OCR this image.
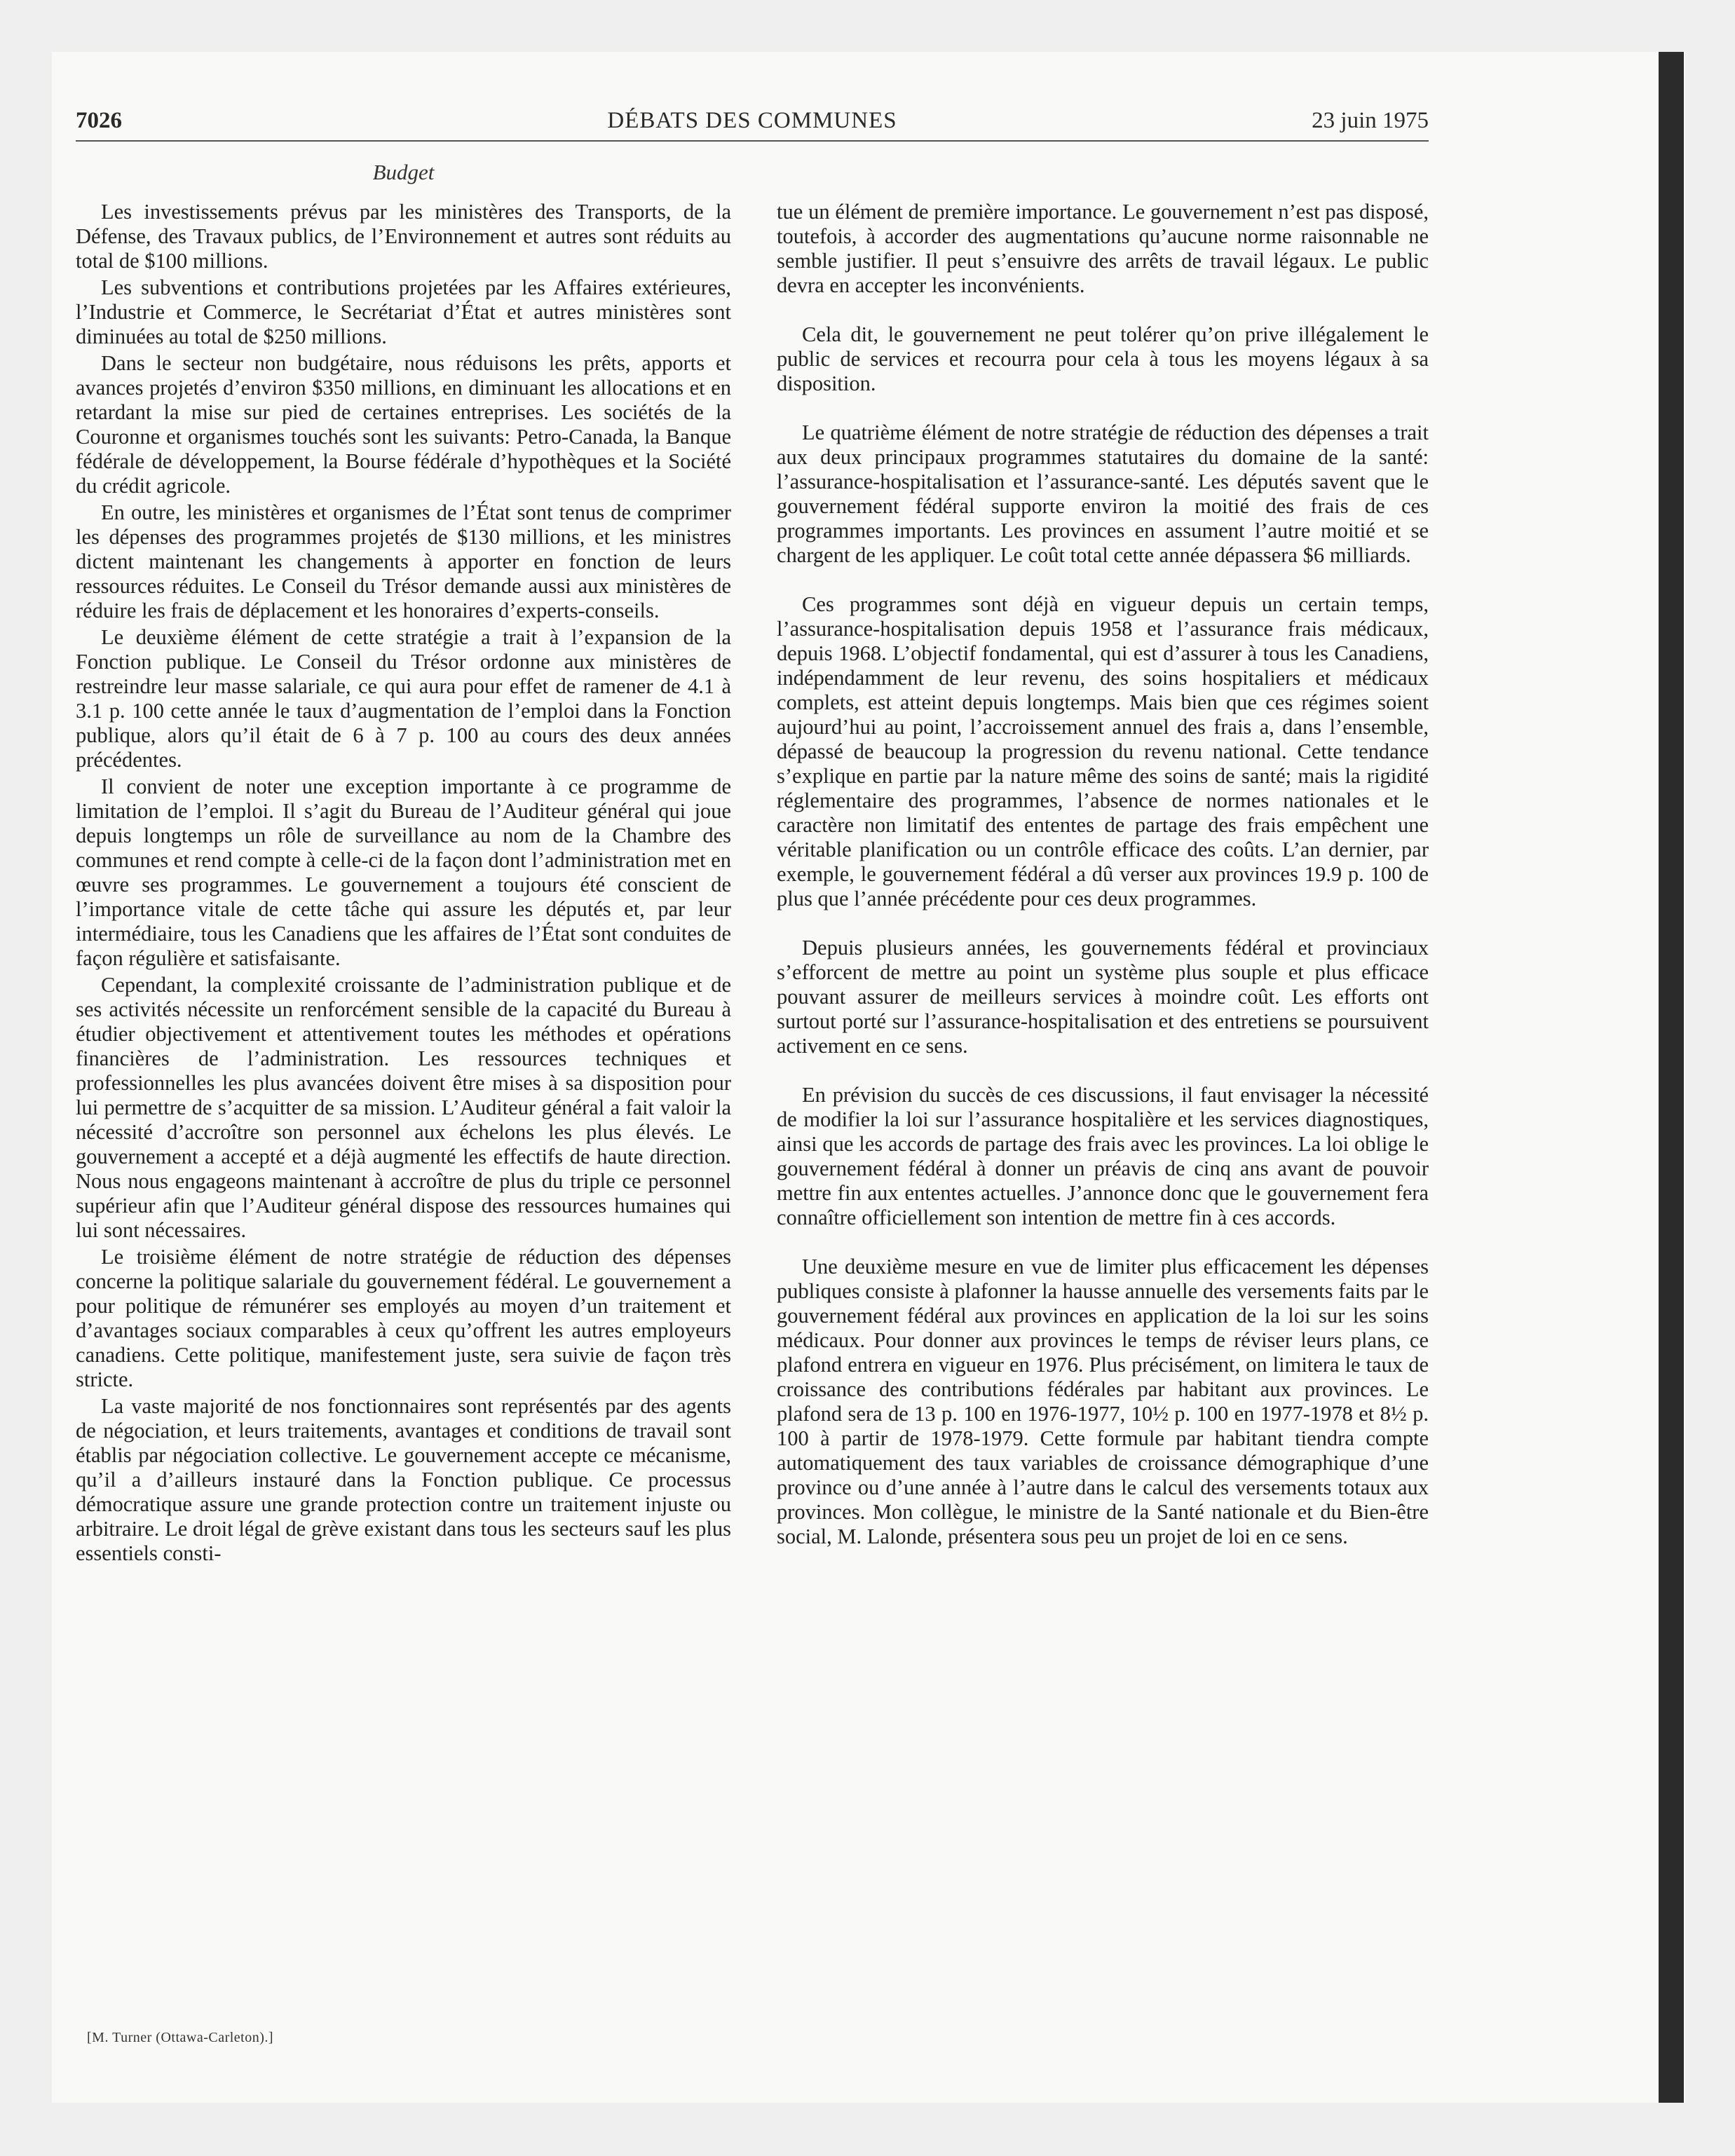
7026	DÉBATS DES COMMUNES	23 juin 1975
Budget

Les investissements prévus par les ministères des Transports, de la Défense, des Travaux publics, de l’Environnement et autres sont réduits au total de $100 millions.

Les subventions et contributions projetées par les Affaires extérieures, l’Industrie et Commerce, le Secrétariat d’État et autres ministères sont diminuées au total de $250 millions.

Dans le secteur non budgétaire, nous réduisons les prêts, apports et avances projetés d’environ $350 millions, en diminuant les allocations et en retardant la mise sur pied de certaines entreprises. Les sociétés de la Couronne et organismes touchés sont les suivants: Petro-Canada, la Banque fédérale de développement, la Bourse fédérale d’hypothèques et la Société du crédit agricole.

En outre, les ministères et organismes de l’État sont tenus de comprimer les dépenses des programmes projetés de $130 millions, et les ministres dictent maintenant les changements à apporter en fonction de leurs ressources réduites. Le Conseil du Trésor demande aussi aux ministères de réduire les frais de déplacement et les honoraires d’experts-conseils.

Le deuxième élément de cette stratégie a trait à l’expansion de la Fonction publique. Le Conseil du Trésor ordonne aux ministères de restreindre leur masse salariale, ce qui aura pour effet de ramener de 4.1 à 3.1 p. 100 cette année le taux d’augmentation de l’emploi dans la Fonction publique, alors qu’il était de 6 à 7 p. 100 au cours des deux années précédentes.

Il convient de noter une exception importante à ce programme de limitation de l’emploi. Il s’agit du Bureau de l’Auditeur général qui joue depuis longtemps un rôle de surveillance au nom de la Chambre des communes et rend compte à celle-ci de la façon dont l’administration met en œuvre ses programmes. Le gouvernement a toujours été conscient de l’importance vitale de cette tâche qui assure les députés et, par leur intermédiaire, tous les Canadiens que les affaires de l’État sont conduites de façon régulière et satisfaisante.

Cependant, la complexité croissante de l’administration publique et de ses activités nécessite un renforcément sensible de la capacité du Bureau à étudier objectivement et attentivement toutes les méthodes et opérations financières de l’administration. Les ressources techniques et professionnelles les plus avancées doivent être mises à sa disposition pour lui permettre de s’acquitter de sa mission. L’Auditeur général a fait valoir la nécessité d’accroître son personnel aux échelons les plus élevés. Le gouvernement a accepté et a déjà augmenté les effectifs de haute direction. Nous nous engageons maintenant à accroître de plus du triple ce personnel supérieur afin que l’Auditeur général dispose des ressources humaines qui lui sont nécessaires.

Le troisième élément de notre stratégie de réduction des dépenses concerne la politique salariale du gouvernement fédéral. Le gouvernement a pour politique de rémunérer ses employés au moyen d’un traitement et d’avantages sociaux comparables à ceux qu’offrent les autres employeurs canadiens. Cette politique, manifestement juste, sera suivie de façon très stricte.

La vaste majorité de nos fonctionnaires sont représentés par des agents de négociation, et leurs traitements, avantages et conditions de travail sont établis par négociation collective. Le gouvernement accepte ce mécanisme, qu’il a d’ailleurs instauré dans la Fonction publique. Ce processus démocratique assure une grande protection contre un traitement injuste ou arbitraire. Le droit légal de grève existant dans tous les secteurs sauf les plus essentiels consti-

tue un élément de première importance. Le gouvernement n’est pas disposé, toutefois, à accorder des augmentations qu’aucune norme raisonnable ne semble justifier. Il peut s’ensuivre des arrêts de travail légaux. Le public devra en accepter les inconvénients.

Cela dit, le gouvernement ne peut tolérer qu’on prive illégalement le public de services et recourra pour cela à tous les moyens légaux à sa disposition.

Le quatrième élément de notre stratégie de réduction des dépenses a trait aux deux principaux programmes statutaires du domaine de la santé: l’assurance-hospitalisation et l’assurance-santé. Les députés savent que le gouvernement fédéral supporte environ la moitié des frais de ces programmes importants. Les provinces en assument l’autre moitié et se chargent de les appliquer. Le coût total cette année dépassera $6 milliards.

Ces programmes sont déjà en vigueur depuis un certain temps, l’assurance-hospitalisation depuis 1958 et l’assurance frais médicaux, depuis 1968. L’objectif fondamental, qui est d’assurer à tous les Canadiens, indépendamment de leur revenu, des soins hospitaliers et médicaux complets, est atteint depuis longtemps. Mais bien que ces régimes soient aujourd’hui au point, l’accroissement annuel des frais a, dans l’ensemble, dépassé de beaucoup la progression du revenu national. Cette tendance s’explique en partie par la nature même des soins de santé; mais la rigidité réglementaire des programmes, l’absence de normes nationales et le caractère non limitatif des ententes de partage des frais empêchent une véritable planification ou un contrôle efficace des coûts. L’an dernier, par exemple, le gouvernement fédéral a dû verser aux provinces 19.9 p. 100 de plus que l’année précédente pour ces deux programmes.

Depuis plusieurs années, les gouvernements fédéral et provinciaux s’efforcent de mettre au point un système plus souple et plus efficace pouvant assurer de meilleurs services à moindre coût. Les efforts ont surtout porté sur l’assurance-hospitalisation et des entretiens se poursuivent activement en ce sens.

En prévision du succès de ces discussions, il faut envisager la nécessité de modifier la loi sur l’assurance hospitalière et les services diagnostiques, ainsi que les accords de partage des frais avec les provinces. La loi oblige le gouvernement fédéral à donner un préavis de cinq ans avant de pouvoir mettre fin aux ententes actuelles. J’annonce donc que le gouvernement fera connaître officiellement son intention de mettre fin à ces accords.

Une deuxième mesure en vue de limiter plus efficacement les dépenses publiques consiste à plafonner la hausse annuelle des versements faits par le gouvernement fédéral aux provinces en application de la loi sur les soins médicaux. Pour donner aux provinces le temps de réviser leurs plans, ce plafond entrera en vigueur en 1976. Plus précisément, on limitera le taux de croissance des contributions fédérales par habitant aux provinces. Le plafond sera de 13 p. 100 en 1976-1977, 10½ p. 100 en 1977-1978 et 8½ p. 100 à partir de 1978-1979. Cette formule par habitant tiendra compte automatiquement des taux variables de croissance démographique d’une province ou d’une année à l’autre dans le calcul des versements totaux aux provinces. Mon collègue, le ministre de la Santé nationale et du Bien-être social, M. Lalonde, présentera sous peu un projet de loi en ce sens.

[M. Turner (Ottawa-Carleton).]
